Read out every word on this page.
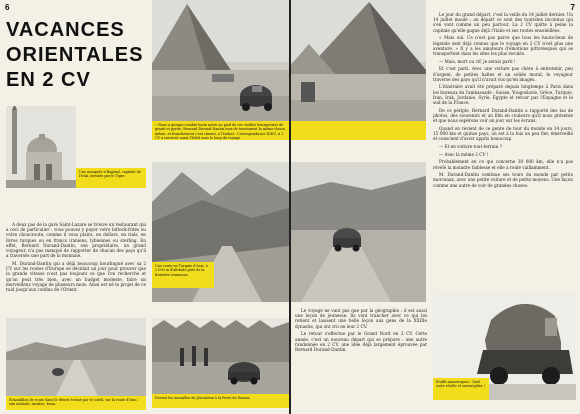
6
VACANCES
ORIENTALES
EN 2 CV
« Nous a groupe combié toute notre au pied de ces vieilles bourgeoises de granit et pyrite, Bernard Durand-Dantin tous de tourisment la même classe, même, et franchement c'est ciment, à l'Indost - Correspondance DIDU, à 2 CV a traversé aussi l'hôtel sous le long du voyage.
Une mosquée à Bagdad, capitale de l'Irak, arrosée par le Tigre.
Une route en Turquie d'Asie, à 2.000 m d'altitude près de la frontière iranienne.

A deux pas de la gare Saint-Lazare se trouve un restaurant qui a ceci de particulier : vous pouvez y payer votre bifteck-frites ou votre choucroute, comme il vous plaira, en dollars, en rials, en livres turques ou en francs iraniens, lybiennes ou sterling. En effet, Bernard Durand-Dantin, son propriétaire, un grand voyageur, n'a pas manqué de rapporter de chacun des pays qu'il a traversés une part de la monnaie.

M. Durand-Dantin qui a déjà beaucoup bourlingué avec sa 2 CV sur les routes d'Europe se décidait un jour pour prouver que la grande vitesse n'est pas toujours ce que l'on recherche et qu'on peut très bien, avec un budget modeste, faire un merveilleux voyage de plusieurs mois. Ainsi est né le projet de ce raid jusqu'aux confins de l'Orient.

Échantillon de route dans le désert écrasé par le soleil, sur la route d'Iran : site malaisé, sinistre, beau.
Devant les murailles de Jérusalem à la Porte de Damas.
7

Le jour du grand départ, c'est la veille du 14 juillet dernier. Un 14 juillet moulé ; au départ ce sont des touristes inconnus qui s'en vont comme un peu partout. La 2 CV quitte à peine la capitale qu'elle gagne déjà l'Italie et ses routes ensoleillées.

« Mais oui. Ce n'est pas parce que tous les hauts-lieux de légende sont déjà connus que le voyage en 2 CV n'est plus une aventure. » Il y a les amateurs d'émotions pittoresques qui se transportent dans les sites les plus reculés.

— Mais, mort ou vif, je serais parti !

Et c'est parti. Avec une voiture pas chère à entretenir, peu d'argent, de petites haltes et un solide moral, le voyageur traverse des pays qu'il n'avait vus qu'en images.

L'itinéraire avait été préparé depuis longtemps à Paris dans les bureaux de l'ambassade : Suisse, Yougoslavie, Grèce, Turquie, Iran, Irak, Jordanie, Syrie, Égypte et retour par l'Espagne et le sud de la France.

De ce périple, Bernard Durand-Dantin a rapporté des tas de photos, des souvenirs et un film en couleurs qu'il nous présente et que nous espérons voir un jour sur les écrans.

Quand on revient de ce genre de tour du monde en 34 jours, 15 000 km et quinze pays, on est à la fois un peu fier, émerveillé et conscient d'avoir appris beaucoup.

— Et en voiture-tout-terrain ?

— Avec la même 2 CV !

Probablement en ce qui concerne 30 000 km, elle n'a pas révélé la moindre faiblesse et elle a roulé vaillamment.

M. Durand-Dantin continue ses tours du monde par petits morceaux, avec une petite voiture et de petits moyens. Une façon comme une autre de voir de grandes choses.

Le voyage ne vaut pas que par la géographie : il est aussi une leçon de jeunesse. Ils vont trancher avec ce qui les retient et laissent une belle leçon aux gens de la XXIIIe dynastie, qui ont cru en leur 2 CV.

Le retour s'effectue par le Grand Nord en 2 CV. Cette année, c'est un nouveau départ qui se prépare : une autre randonnée en 2 CV, une idée déjà largement éprouvée par Bernard Durand-Dantin.

Profils mauresques : Quel sorte révèle et surexcipliez !
